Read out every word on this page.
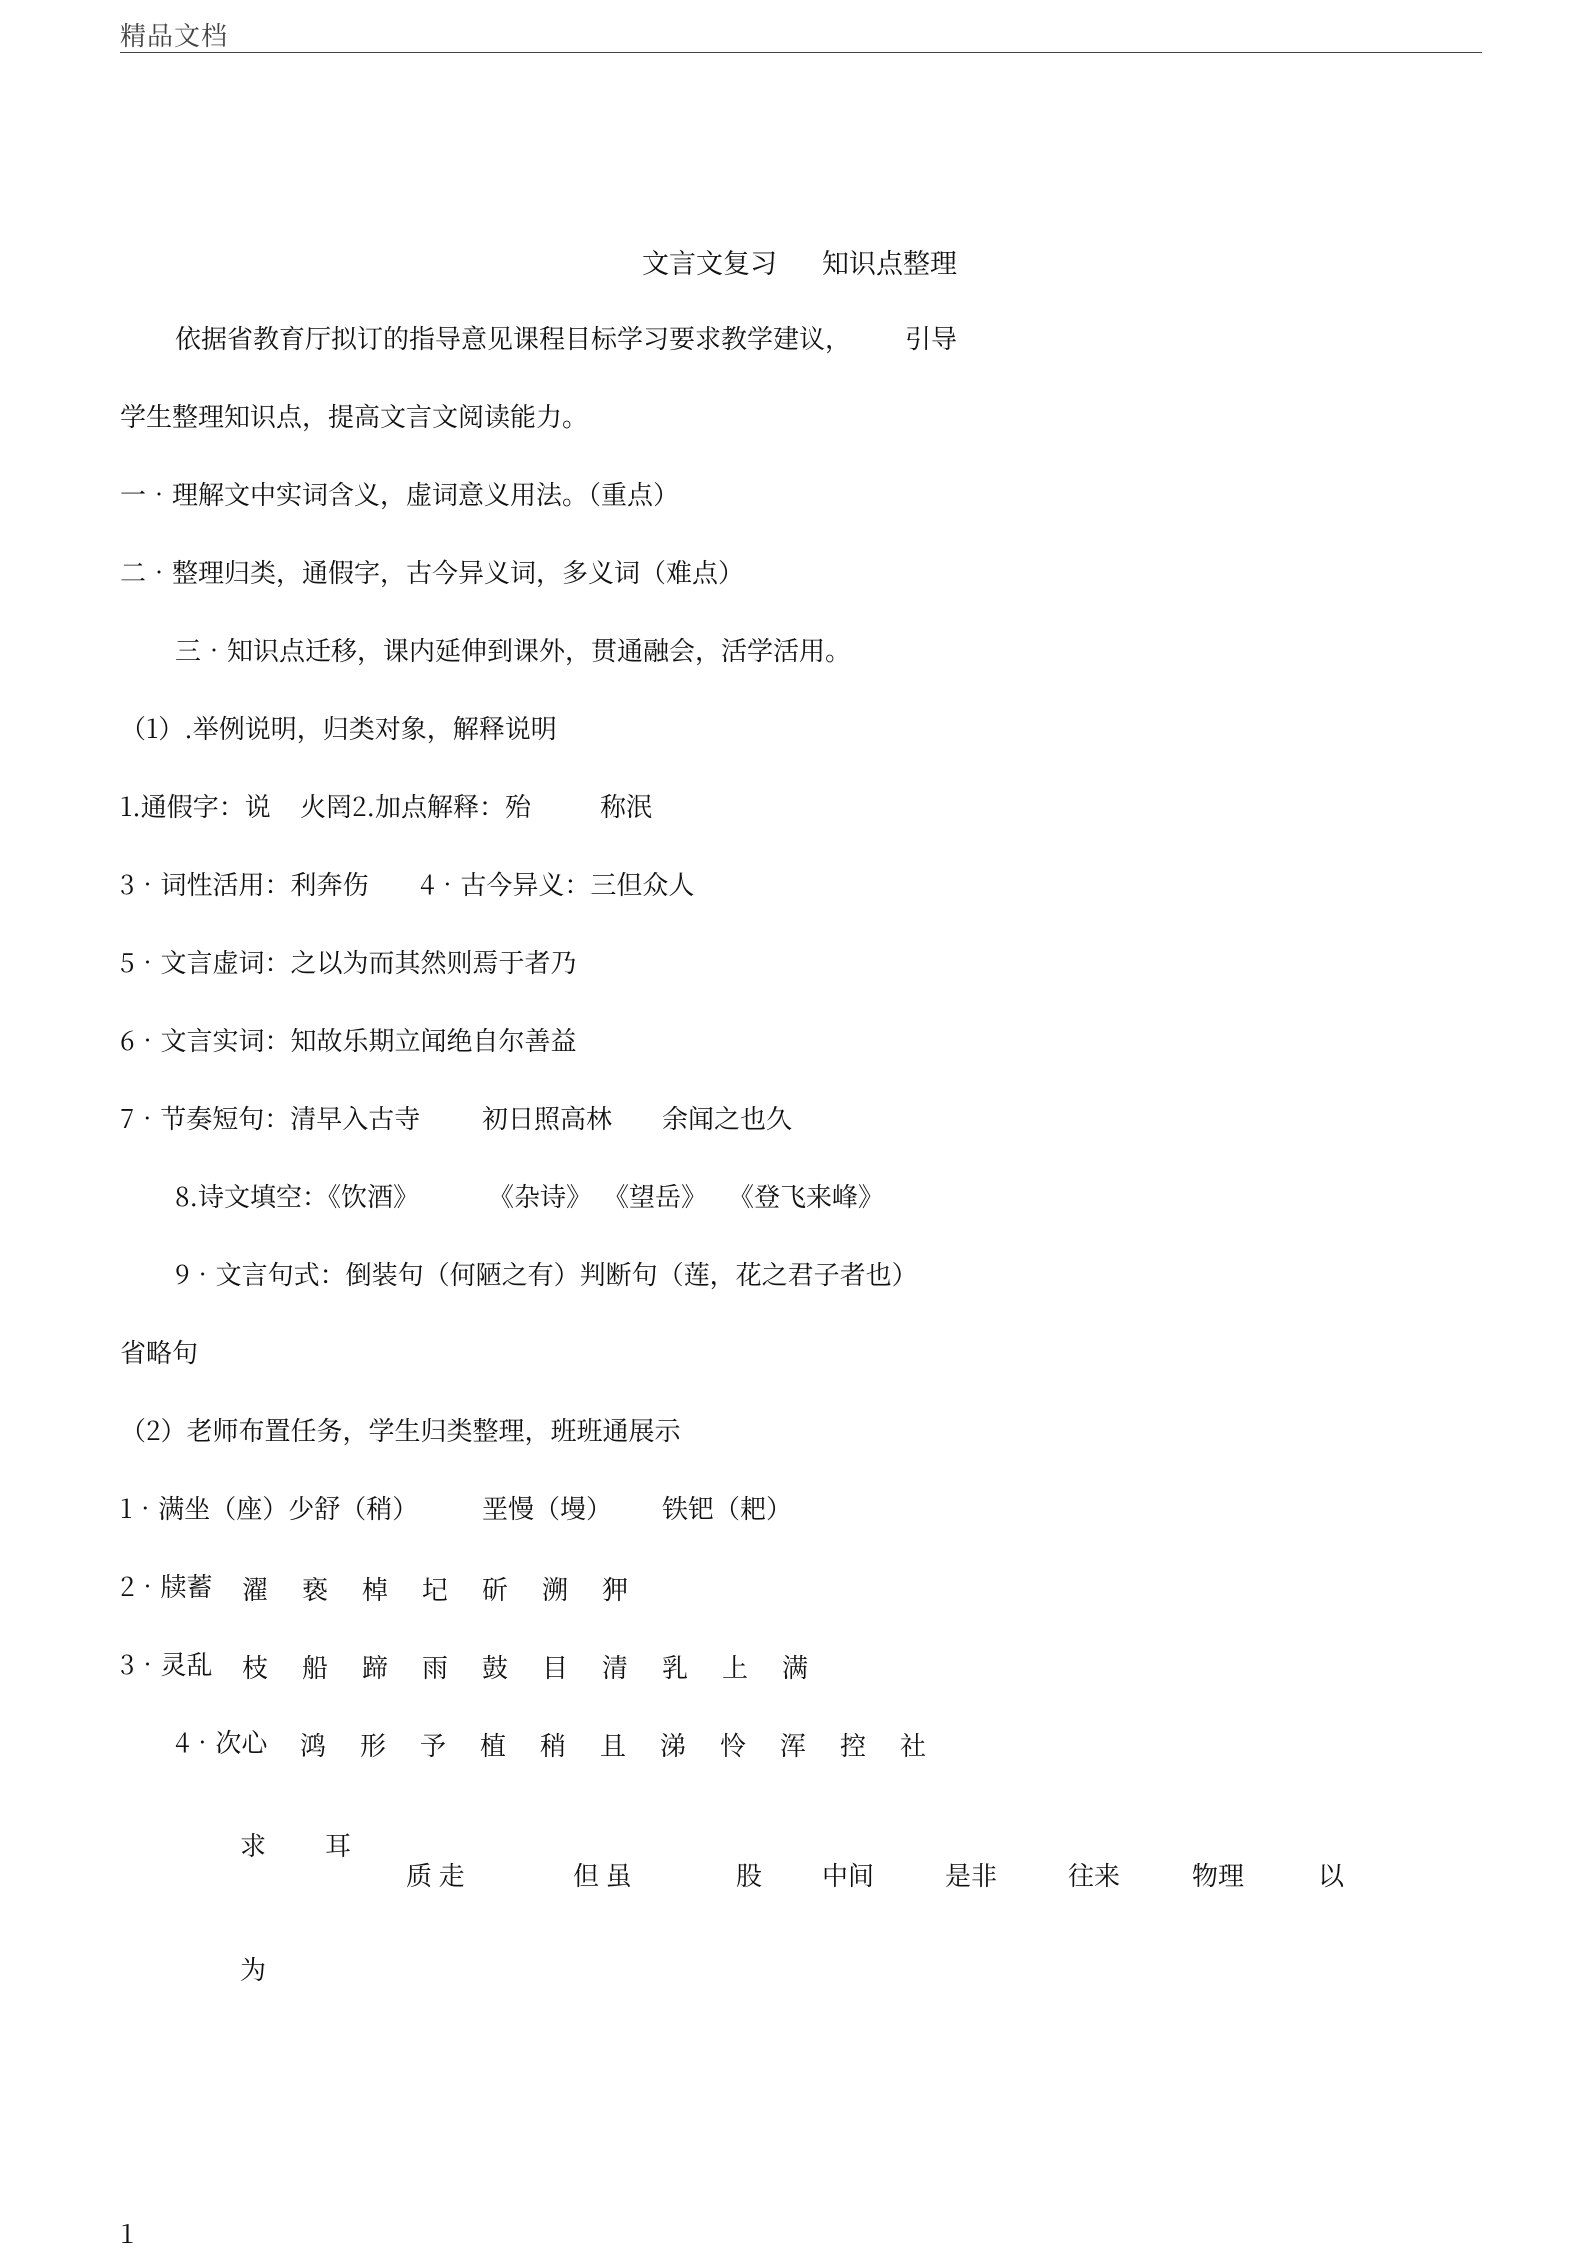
精品文档
文言文复习 知识点整理
依据省教育厅拟订的指导意见课程目标学习要求教学建议， 引导
学生整理知识点，提高文言文阅读能力。
一•理解文中实词含义，虚词意义用法。（重点）
二•整理归类，通假字，古今异义词，多义词（难点）
三•知识点迁移，课内延伸到课外，贯通融会，活学活用。
（1）.举例说明，归类对象，解释说明
1.通假字：说 火罔2.加点解释：殆	称泯
3•词性活用：利奔伤 4•古今异义：三但众人
5•文言虚词：之以为而其然则焉于者乃
6•文言实词：知故乐期立闻绝自尔善益
7•节奏短句：清早入古寺 初日照高林 余闻之也久
8.诗文填空：《饮酒》	《杂诗》 《望岳》 《登飞来峰》
9•文言句式：倒装句（何陋之有）判断句（莲，花之君子者也）
省略句
（2）老师布置任务，学生归类整理，班班通展示
1•满坐（座）少舒（稍） 垩慢（墁） 铁钯（耙）
2•牍蓄 濯 亵 棹 圮 斫 溯 狎
3•灵乱 枝 船 蹄 雨 鼓 目 清 乳 上 满
4•次心 鸿 形 予 植 稍 且 涕 怜 浑 控 社
求 耳
质 走	但 虽	股 中间	是非	往来	物理	以
为
1
